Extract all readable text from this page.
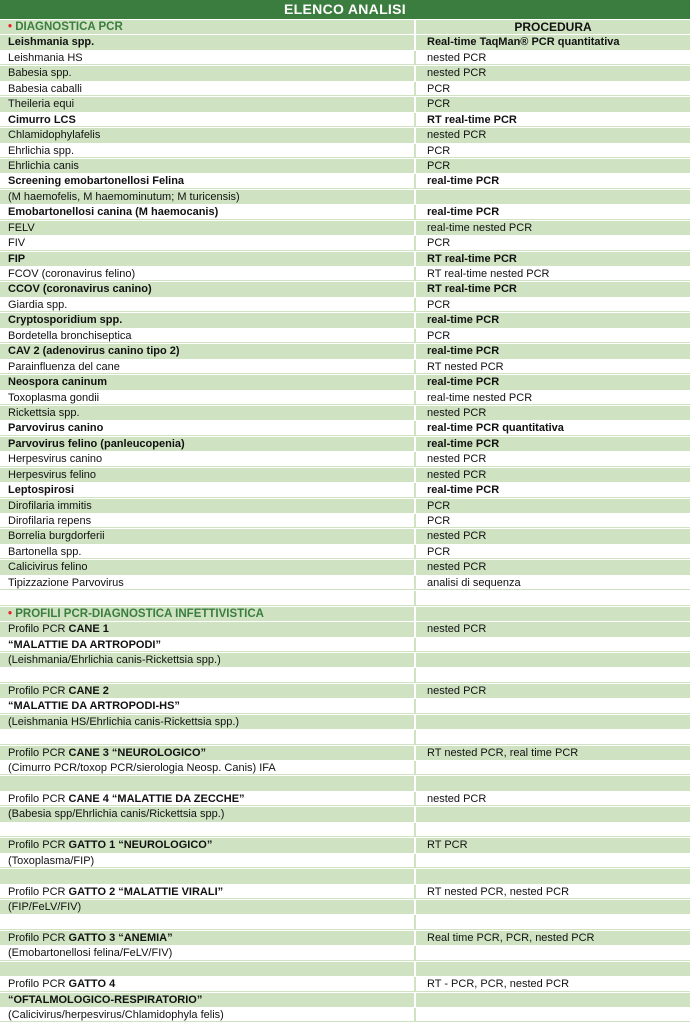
ELENCO ANALISI
• DIAGNOSTICA PCR	PROCEDURA
Leishmania spp.	Real-time TaqMan® PCR quantitativa
Leishmania HS	nested PCR
Babesia spp.	nested PCR
Babesia caballi	PCR
Theileria equi	PCR
Cimurro LCS	RT real-time PCR
Chlamidophylafelis	nested PCR
Ehrlichia spp.	PCR
Ehrlichia canis	PCR
Screening emobartonellosi Felina	real-time PCR
(M haemofelis, M haemominutum; M turicensis)
Emobartonellosi canina (M haemocanis)	real-time PCR
FELV	real-time nested PCR
FIV	PCR
FIP	RT real-time PCR
FCOV (coronavirus felino)	RT real-time nested PCR
CCOV (coronavirus canino)	RT real-time PCR
Giardia spp.	PCR
Cryptosporidium spp.	real-time PCR
Bordetella bronchiseptica	PCR
CAV 2 (adenovirus canino tipo 2)	real-time PCR
Parainfluenza del cane	RT nested PCR
Neospora caninum	real-time PCR
Toxoplasma gondii	real-time nested PCR
Rickettsia spp.	nested PCR
Parvovirus canino	real-time PCR quantitativa
Parvovirus felino (panleucopenia)	real-time PCR
Herpesvirus canino	nested PCR
Herpesvirus felino	nested PCR
Leptospirosi	real-time PCR
Dirofilaria immitis	PCR
Dirofilaria repens	PCR
Borrelia burgdorferii	nested PCR
Bartonella spp.	PCR
Calicivirus felino	nested PCR
Tipizzazione Parvovirus	analisi di sequenza
• PROFILI PCR-DIAGNOSTICA INFETTIVISTICA
Profilo PCR CANE 1	nested PCR
“MALATTIE DA ARTROPODI”
(Leishmania/Ehrlichia canis-Rickettsia spp.)
Profilo PCR CANE 2	nested PCR
“MALATTIE DA ARTROPODI-HS”
(Leishmania HS/Ehrlichia canis-Rickettsia spp.)
Profilo PCR CANE 3 “NEUROLOGICO”	RT nested PCR, real time PCR
(Cimurro PCR/toxop PCR/sierologia Neosp. Canis) IFA
Profilo PCR CANE 4 “MALATTIE DA ZECCHE”	nested PCR
(Babesia spp/Ehrlichia canis/Rickettsia spp.)
Profilo PCR GATTO 1 “NEUROLOGICO”	RT PCR
(Toxoplasma/FIP)
Profilo PCR GATTO 2 “MALATTIE VIRALI”	RT nested PCR, nested PCR
(FIP/FeLV/FIV)
Profilo PCR GATTO 3 “ANEMIA”	Real time PCR, PCR, nested PCR
(Emobartonellosi felina/FeLV/FIV)
Profilo PCR GATTO 4	RT - PCR, PCR, nested PCR
“OFTALMOLOGICO-RESPIRATORIO”
(Calicivirus/herpesvirus/Chlamidophyla felis)
